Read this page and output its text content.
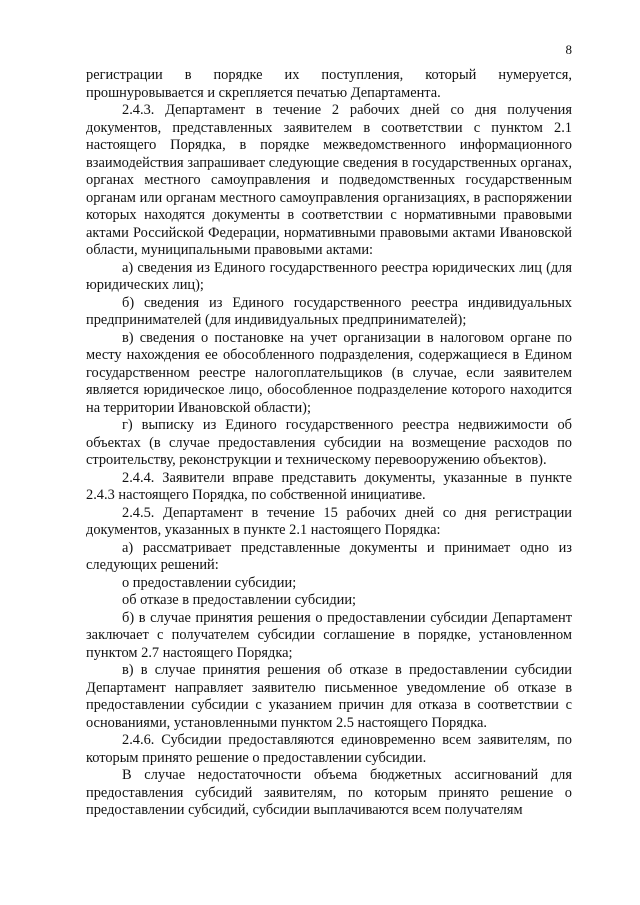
8

регистрации в порядке их поступления, который нумеруется, прошнуровывается и скрепляется печатью Департамента.

2.4.3. Департамент в течение 2 рабочих дней со дня получения документов, представленных заявителем в соответствии с пунктом 2.1 настоящего Порядка, в порядке межведомственного информационного взаимодействия запрашивает следующие сведения в государственных органах, органах местного самоуправления и подведомственных государственным органам или органам местного самоуправления организациях, в распоряжении которых находятся документы в соответствии с нормативными правовыми актами Российской Федерации, нормативными правовыми актами Ивановской области, муниципальными правовыми актами:

а) сведения из Единого государственного реестра юридических лиц (для юридических лиц);

б) сведения из Единого государственного реестра индивидуальных предпринимателей (для индивидуальных предпринимателей);

в) сведения о постановке на учет организации в налоговом органе по месту нахождения ее обособленного подразделения, содержащиеся в Едином государственном реестре налогоплательщиков (в случае, если заявителем является юридическое лицо, обособленное подразделение которого находится на территории Ивановской области);

г) выписку из Единого государственного реестра недвижимости об объектах (в случае предоставления субсидии на возмещение расходов по строительству, реконструкции и техническому перевооружению объектов).

2.4.4. Заявители вправе представить документы, указанные в пункте 2.4.3 настоящего Порядка, по собственной инициативе.

2.4.5. Департамент в течение 15 рабочих дней со дня регистрации документов, указанных в пункте 2.1 настоящего Порядка:

а) рассматривает представленные документы и принимает одно из следующих решений:

о предоставлении субсидии;

об отказе в предоставлении субсидии;

б) в случае принятия решения о предоставлении субсидии Департамент заключает с получателем субсидии соглашение в порядке, установленном пунктом 2.7 настоящего Порядка;

в) в случае принятия решения об отказе в предоставлении субсидии Департамент направляет заявителю письменное уведомление об отказе в предоставлении субсидии с указанием причин для отказа в соответствии с основаниями, установленными пунктом 2.5 настоящего Порядка.

2.4.6. Субсидии предоставляются единовременно всем заявителям, по которым принято решение о предоставлении субсидии.

В случае недостаточности объема бюджетных ассигнований для предоставления субсидий заявителям, по которым принято решение о предоставлении субсидий, субсидии выплачиваются всем получателям
